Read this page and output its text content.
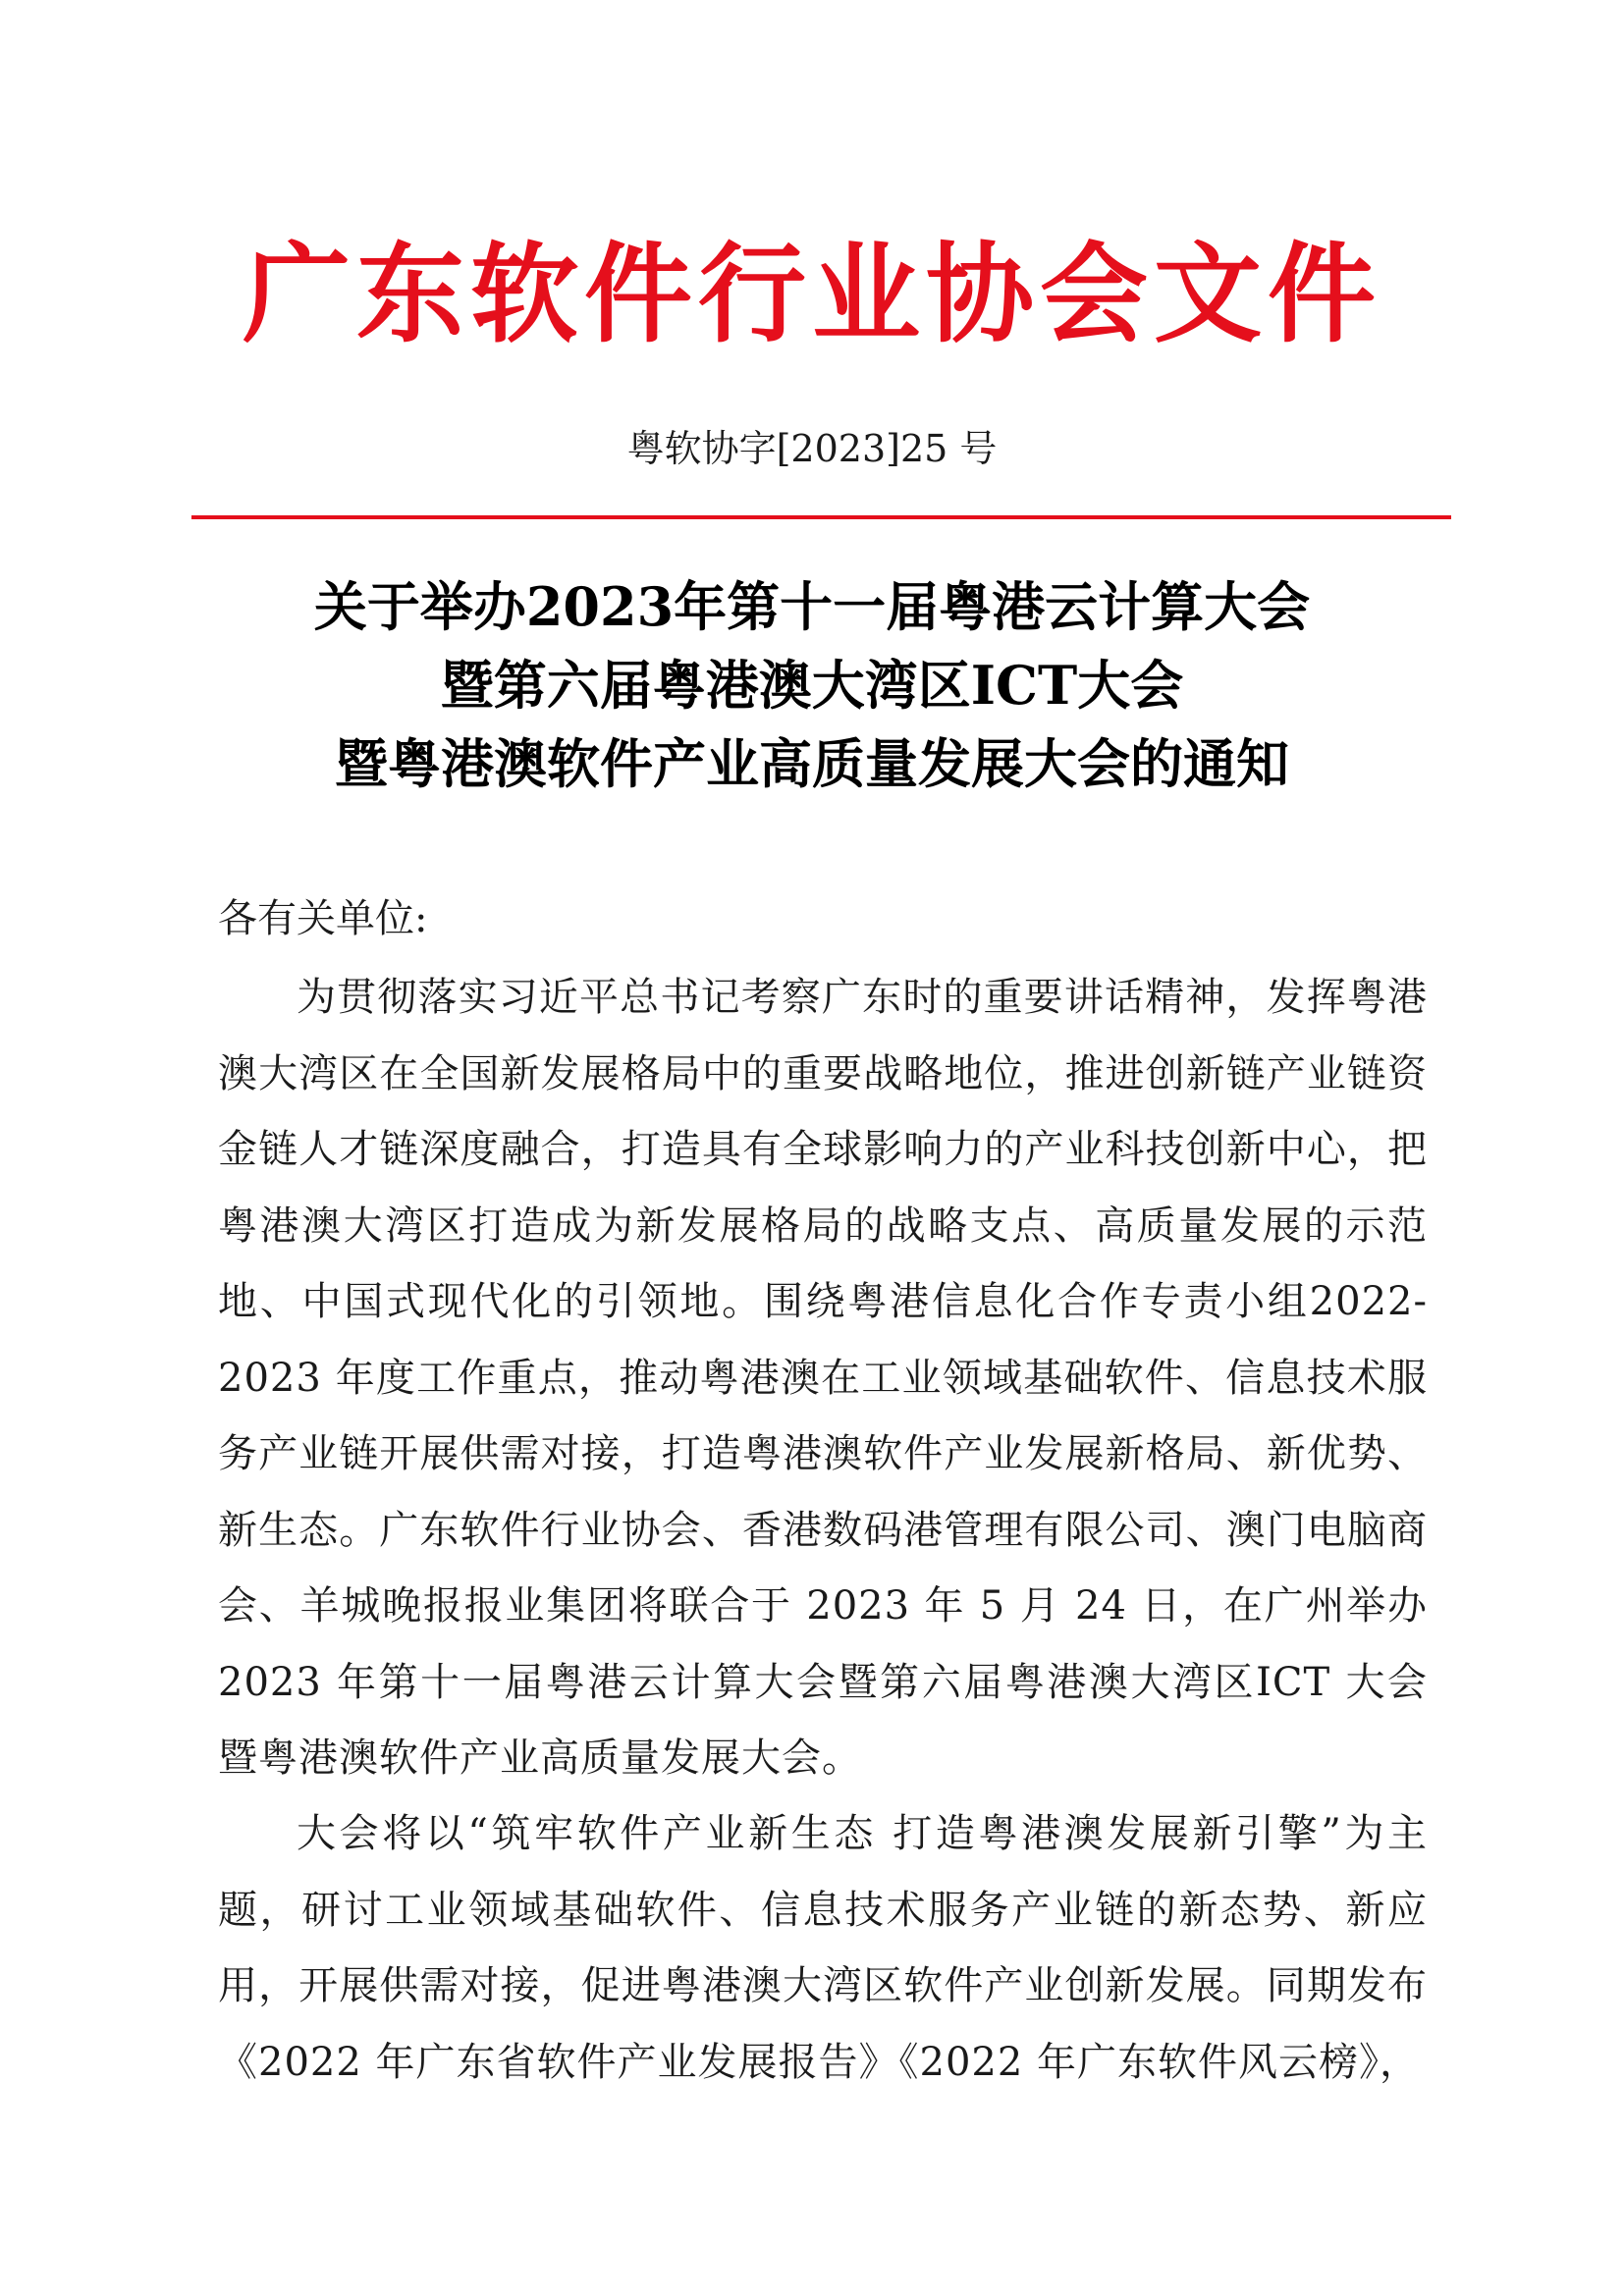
广东软件行业协会文件
粤软协字[2023]25 号
关于举办2023年第十一届粤港云计算大会
暨第六届粤港澳大湾区ICT大会
暨粤港澳软件产业高质量发展大会的通知
各有关单位:

为贯彻落实习近平总书记考察广东时的重要讲话精神，发挥粤港澳大湾区在全国新发展格局中的重要战略地位，推进创新链产业链资金链人才链深度融合，打造具有全球影响力的产业科技创新中心，把粤港澳大湾区打造成为新发展格局的战略支点、高质量发展的示范地、中国式现代化的引领地。围绕粤港信息化合作专责小组2022-2023 年度工作重点，推动粤港澳在工业领域基础软件、信息技术服务产业链开展供需对接，打造粤港澳软件产业发展新格局、新优势、新生态。广东软件行业协会、香港数码港管理有限公司、澳门电脑商会、羊城晚报报业集团将联合于 2023 年 5 月 24 日，在广州举办 2023 年第十一届粤港云计算大会暨第六届粤港澳大湾区ICT 大会暨粤港澳软件产业高质量发展大会。

大会将以“筑牢软件产业新生态 打造粤港澳发展新引擎”为主题，研讨工业领域基础软件、信息技术服务产业链的新态势、新应用，开展供需对接，促进粤港澳大湾区软件产业创新发展。同期发布《2022 年广东省软件产业发展报告》《2022 年广东软件风云榜》，
